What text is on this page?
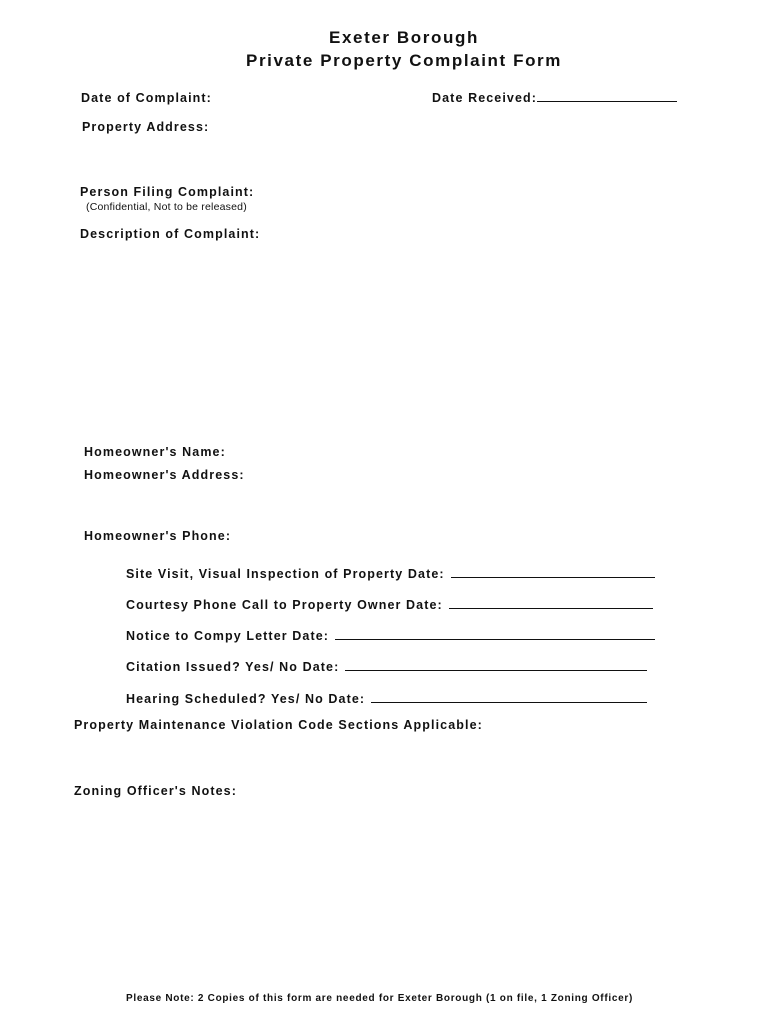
Exeter Borough
Private Property Complaint Form
Date of Complaint:	Date Received:
Property Address:
Person Filing Complaint:
(Confidential, Not to be released)
Description of Complaint:
Homeowner's Name:
Homeowner's Address:
Homeowner's Phone:
Site Visit, Visual Inspection of Property Date:
Courtesy Phone Call to Property Owner Date:
Notice to Compy Letter Date:
Citation Issued? Yes/ No Date:
Hearing Scheduled? Yes/ No Date:
Property Maintenance Violation Code Sections Applicable:
Zoning Officer's Notes:
Please Note: 2 Copies of this form are needed for Exeter Borough (1 on file, 1 Zoning Officer)
